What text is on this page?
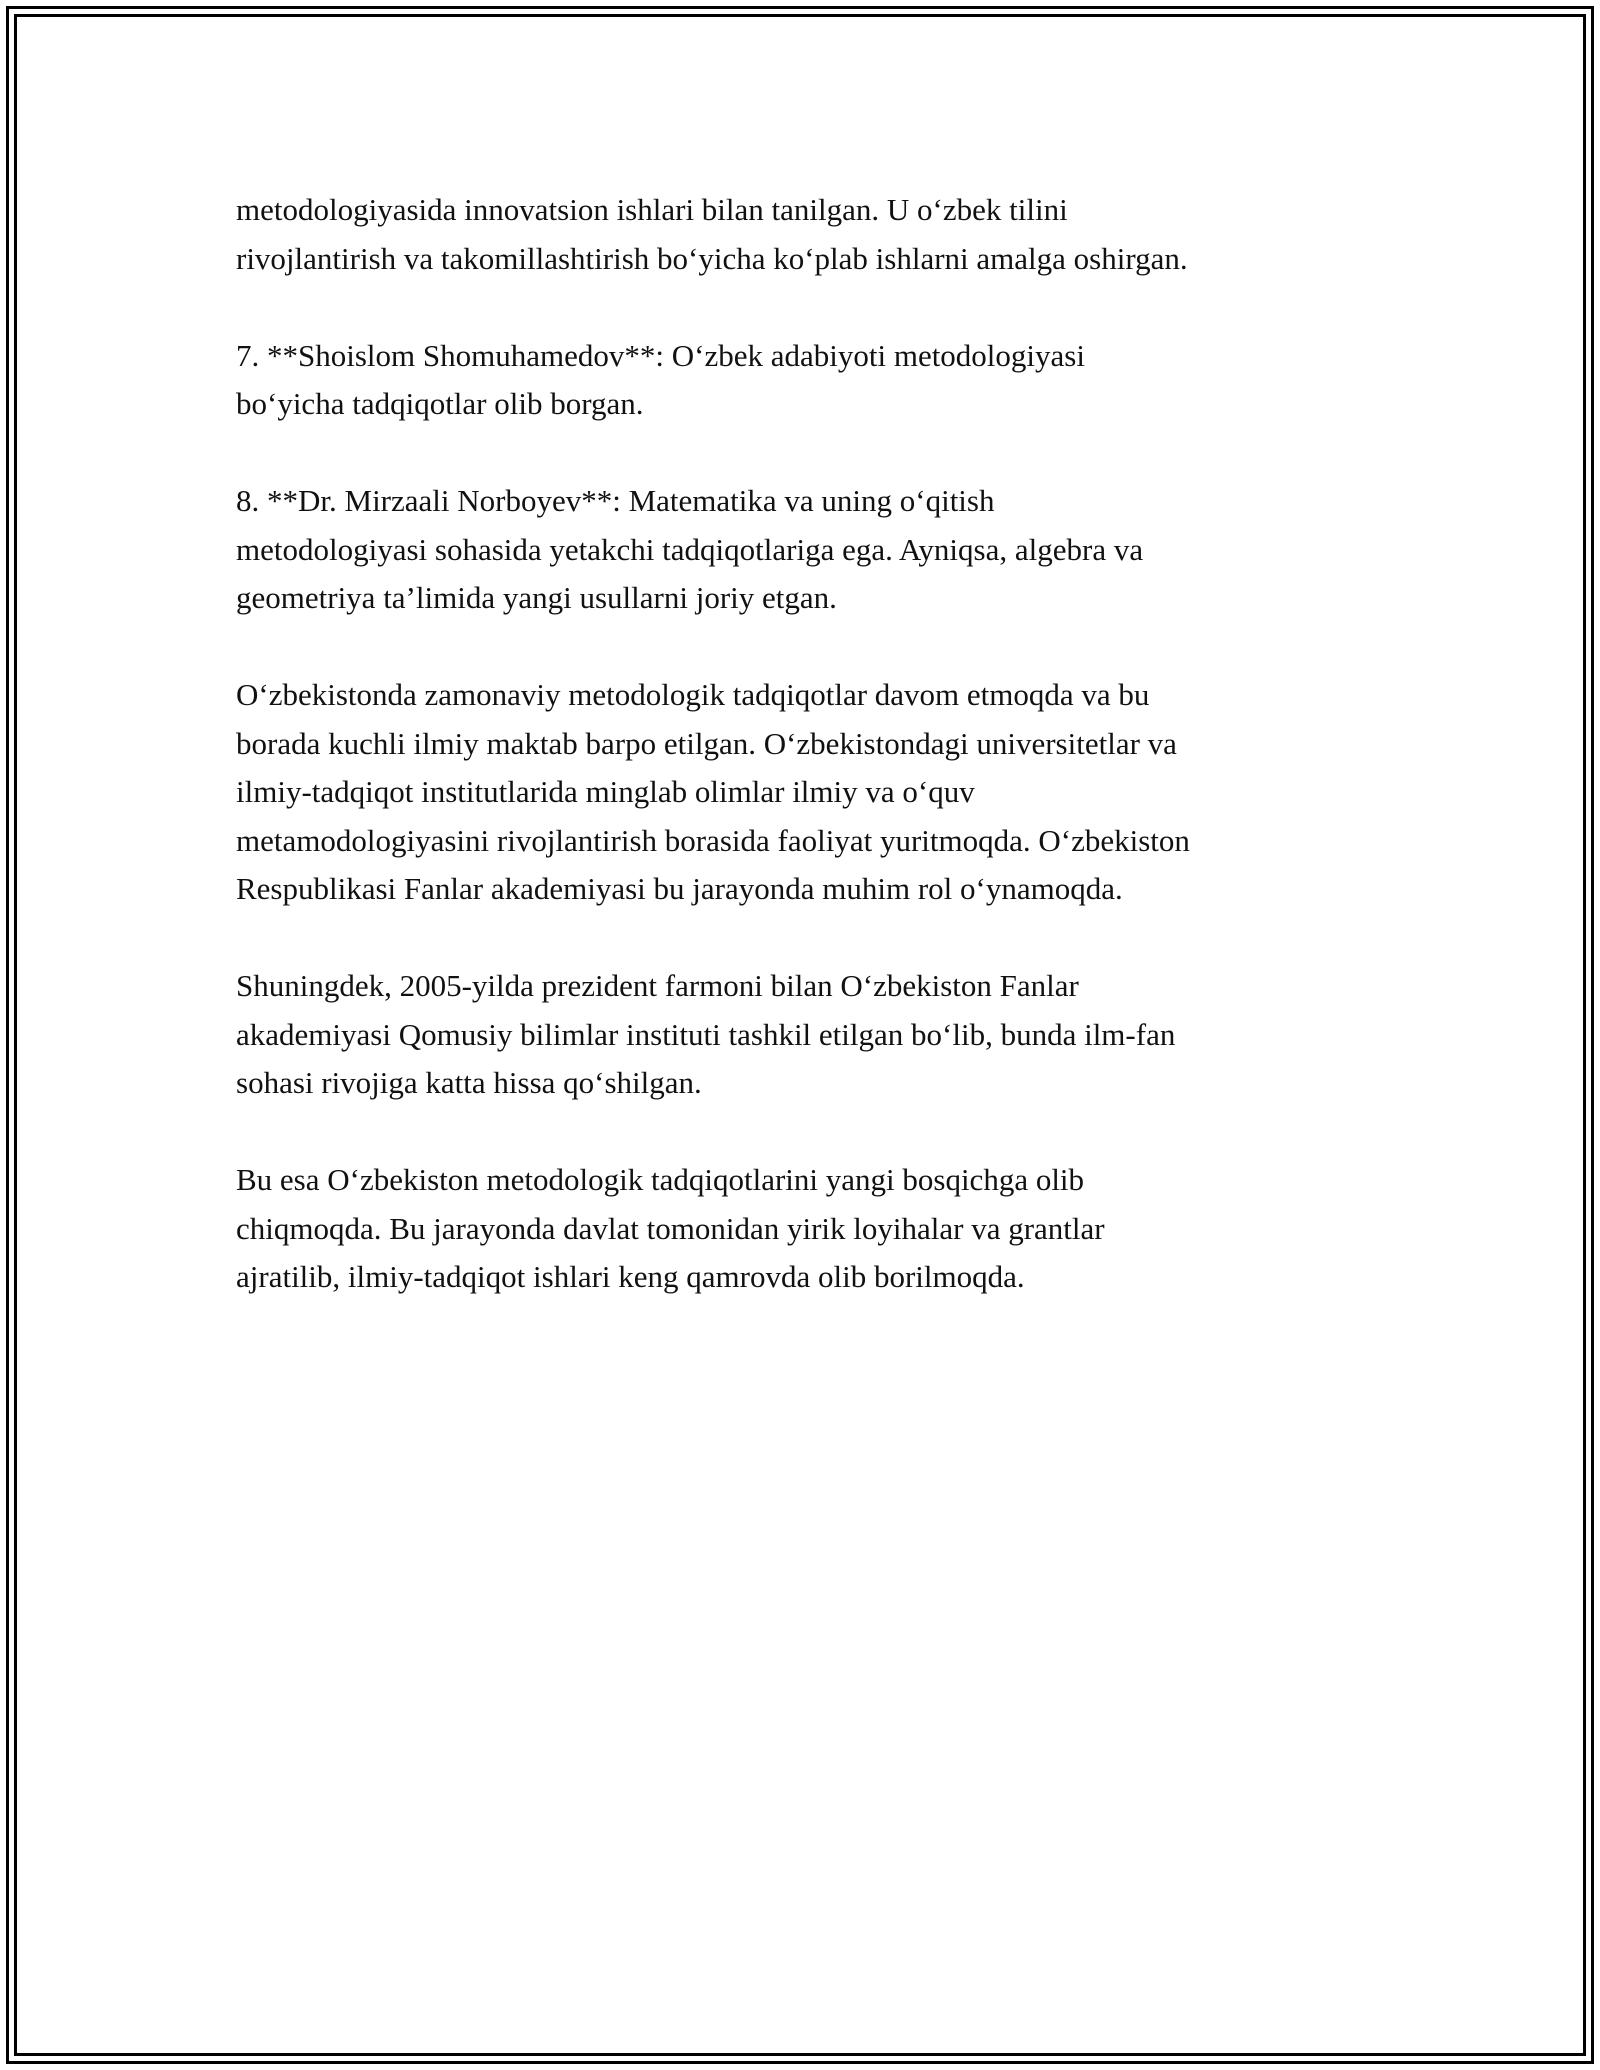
metodologiyasida innovatsion ishlari bilan tanilgan. U o‘zbek tilini
rivojlantirish va takomillashtirish bo‘yicha ko‘plab ishlarni amalga oshirgan.

7. **Shoislom Shomuhamedov**: O‘zbek adabiyoti metodologiyasi
bo‘yicha tadqiqotlar olib borgan.

8. **Dr. Mirzaali Norboyev**: Matematika va uning o‘qitish
metodologiyasi sohasida yetakchi tadqiqotlariga ega. Ayniqsa, algebra va
geometriya ta’limida yangi usullarni joriy etgan.

O‘zbekistonda zamonaviy metodologik tadqiqotlar davom etmoqda va bu
borada kuchli ilmiy maktab barpo etilgan. O‘zbekistondagi universitetlar va
ilmiy-tadqiqot institutlarida minglab olimlar ilmiy va o‘quv
metamodologiyasini rivojlantirish borasida faoliyat yuritmoqda. O‘zbekiston
Respublikasi Fanlar akademiyasi bu jarayonda muhim rol o‘ynamoqda.

Shuningdek, 2005-yilda prezident farmoni bilan O‘zbekiston Fanlar
akademiyasi Qomusiy bilimlar instituti tashkil etilgan bo‘lib, bunda ilm-fan
sohasi rivojiga katta hissa qo‘shilgan.

Bu esa O‘zbekiston metodologik tadqiqotlarini yangi bosqichga olib
chiqmoqda. Bu jarayonda davlat tomonidan yirik loyihalar va grantlar
ajratilib, ilmiy-tadqiqot ishlari keng qamrovda olib borilmoqda.
